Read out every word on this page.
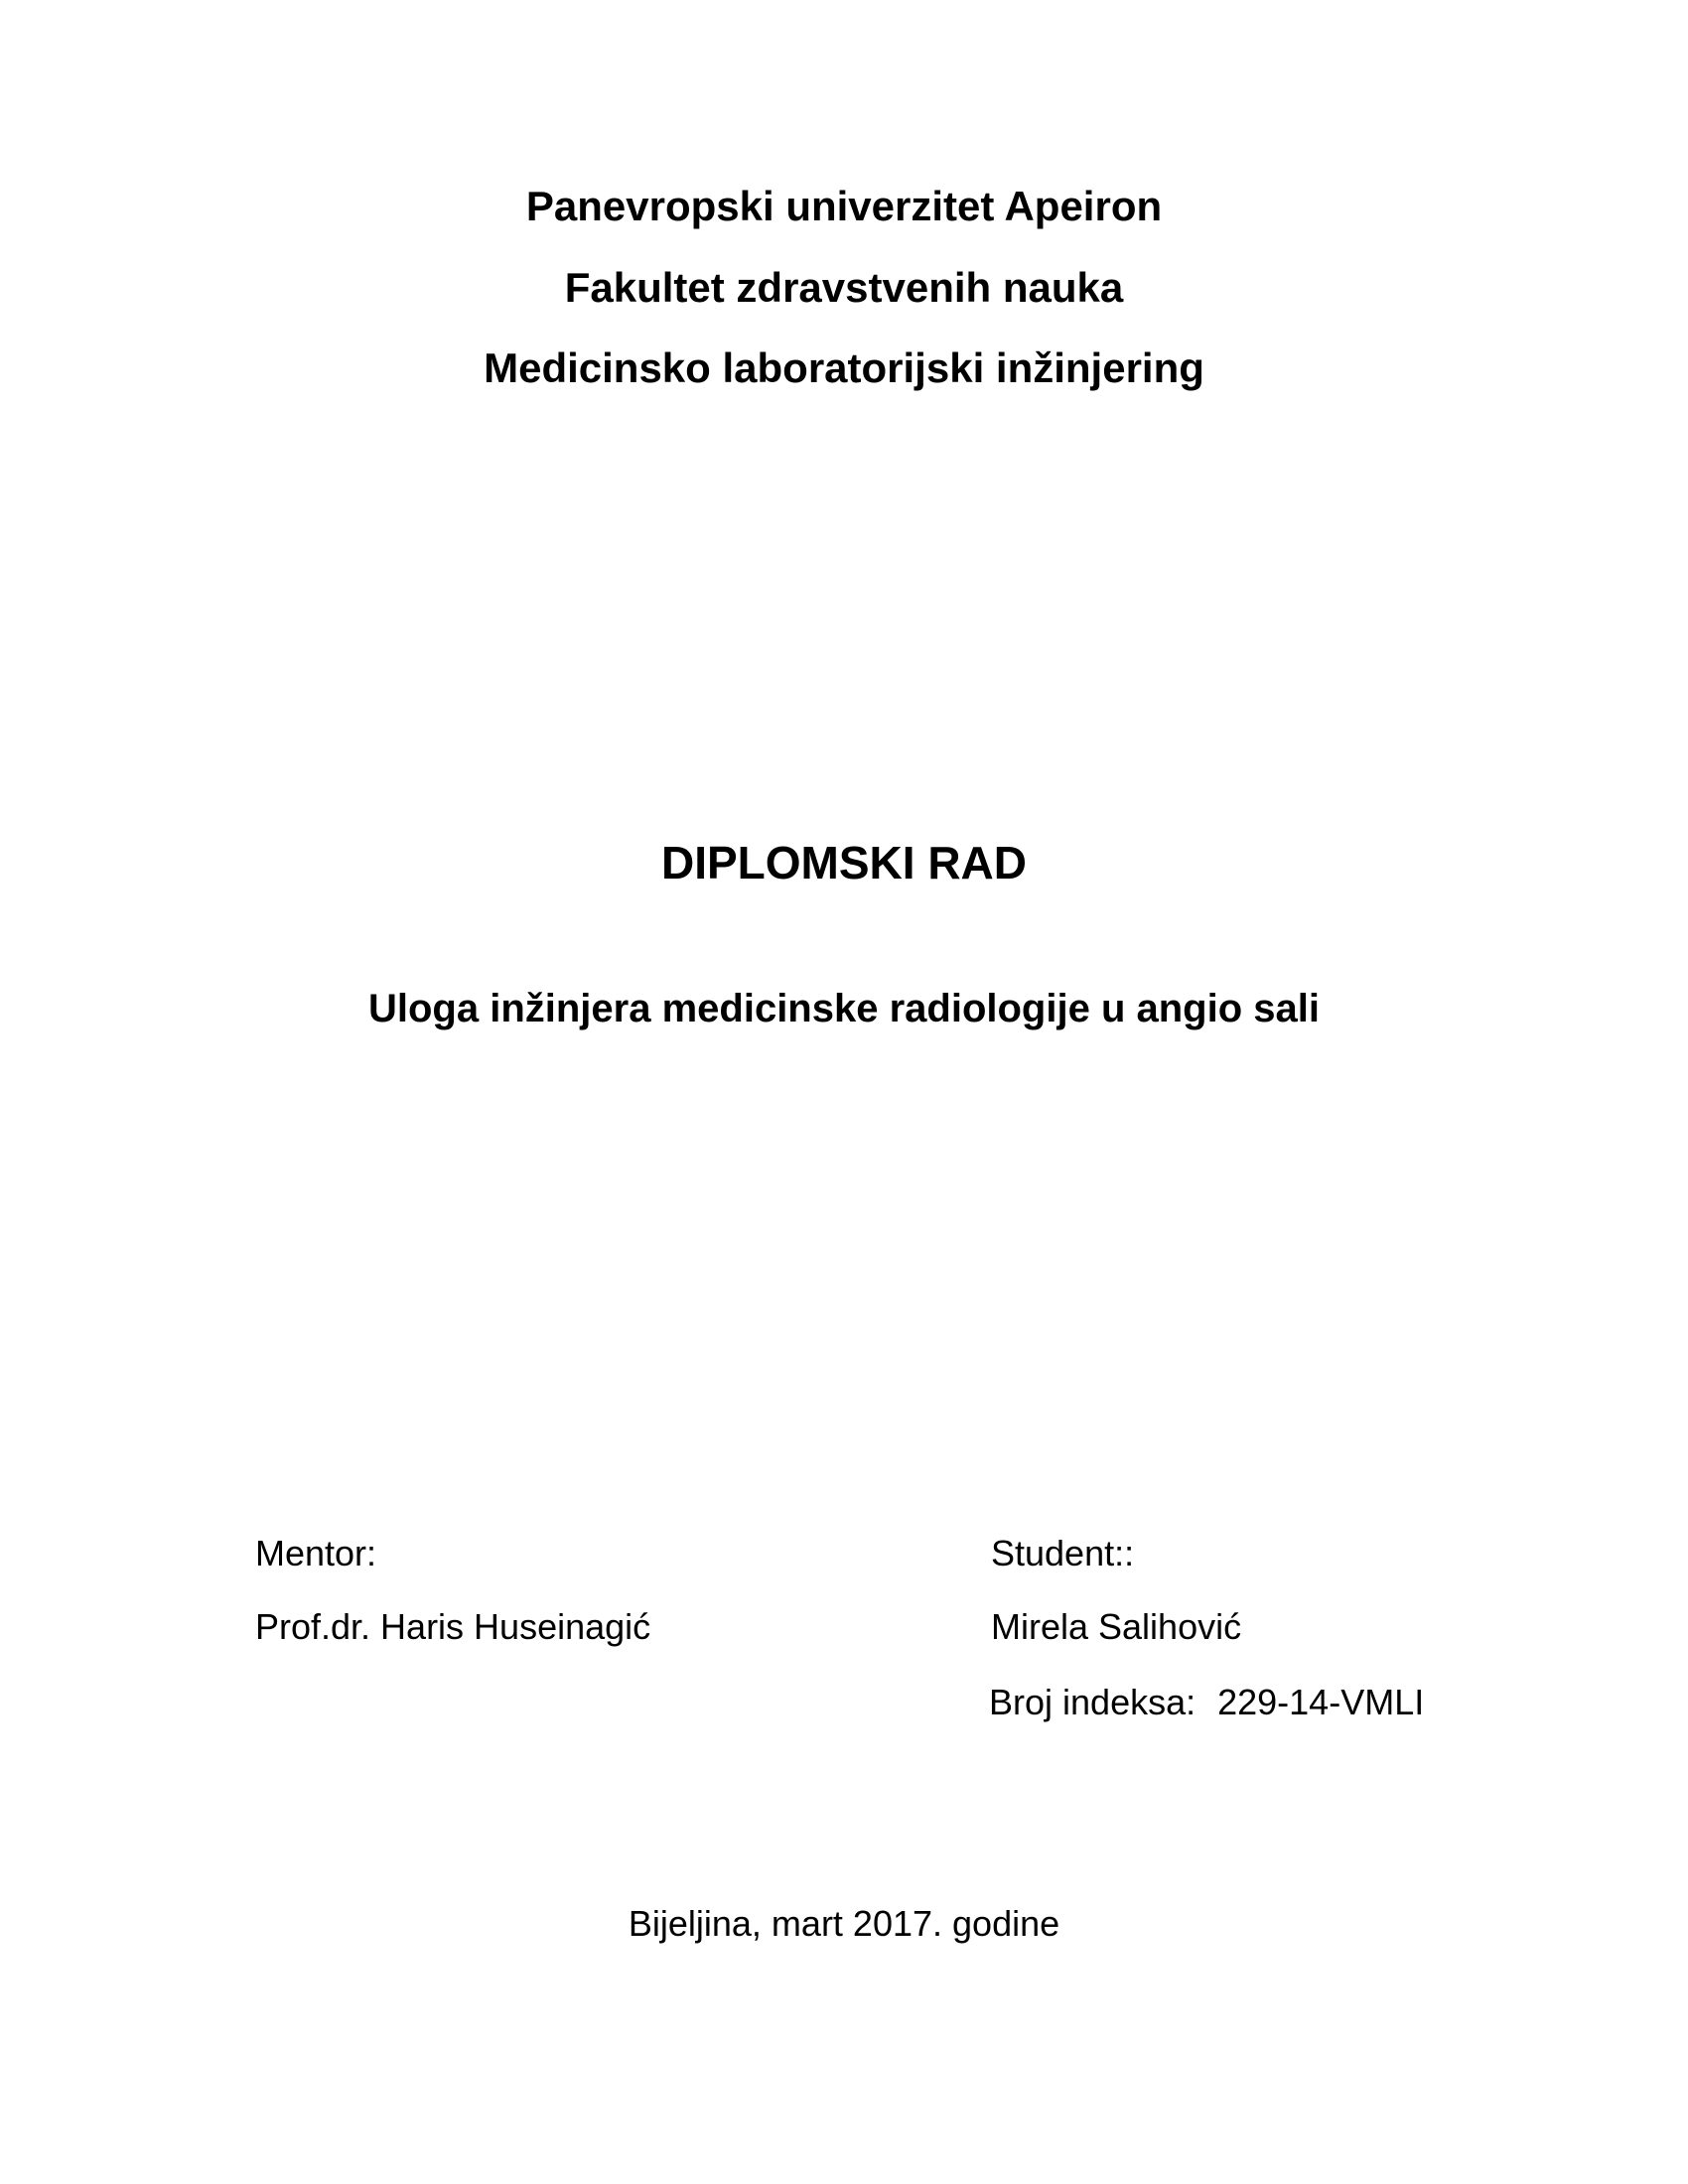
Panevropski univerzitet Apeiron
Fakultet zdravstvenih nauka
Medicinsko laboratorijski inžinjering
DIPLOMSKI RAD
Uloga inžinjera medicinske radiologije u angio sali
Mentor:
Prof.dr. Haris Huseinagić
Student::
Mirela Salihović
Broj indeksa: 229-14-VMLI
Bijeljina, mart 2017. godine
